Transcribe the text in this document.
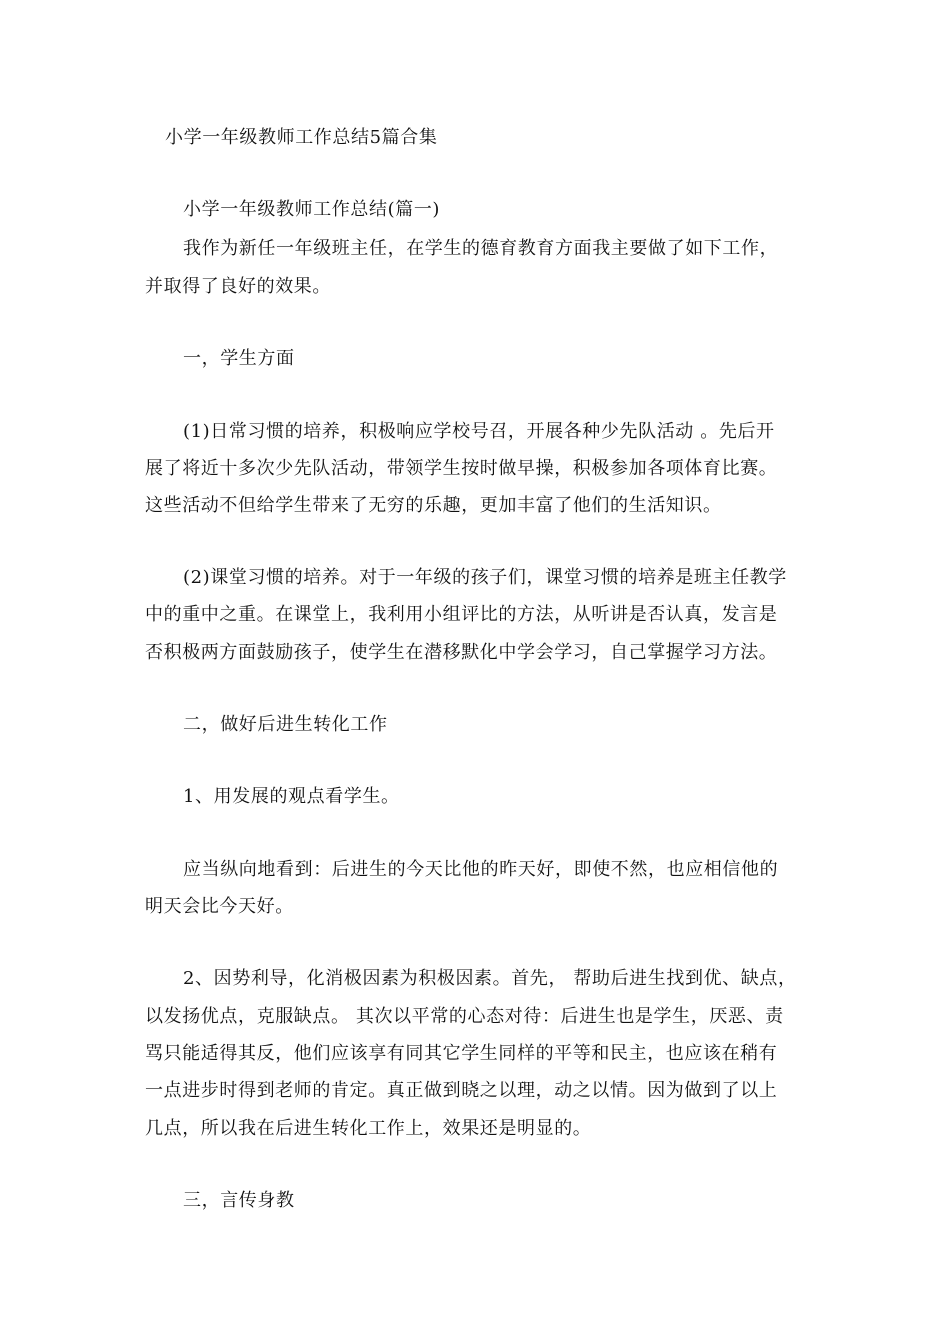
小学一年级教师工作总结5篇合集
小学一年级教师工作总结(篇一)
我作为新任一年级班主任，在学生的德育教育方面我主要做了如下工作，
并取得了良好的效果。
一，学生方面
(1)日常习惯的培养，积极响应学校号召，开展各种少先队活动 。先后开
展了将近十多次少先队活动，带领学生按时做早操，积极参加各项体育比赛。
这些活动不但给学生带来了无穷的乐趣，更加丰富了他们的生活知识。
(2)课堂习惯的培养。对于一年级的孩子们，课堂习惯的培养是班主任教学
中的重中之重。在课堂上，我利用小组评比的方法，从听讲是否认真，发言是
否积极两方面鼓励孩子，使学生在潜移默化中学会学习，自己掌握学习方法。
二，做好后进生转化工作
1、用发展的观点看学生。
应当纵向地看到：后进生的今天比他的昨天好，即使不然，也应相信他的
明天会比今天好。
2、因势利导，化消极因素为积极因素。首先， 帮助后进生找到优、缺点，
以发扬优点，克服缺点。 其次以平常的心态对待：后进生也是学生，厌恶、责
骂只能适得其反，他们应该享有同其它学生同样的平等和民主，也应该在稍有
一点进步时得到老师的肯定。真正做到晓之以理，动之以情。因为做到了以上
几点，所以我在后进生转化工作上，效果还是明显的。
三，言传身教
